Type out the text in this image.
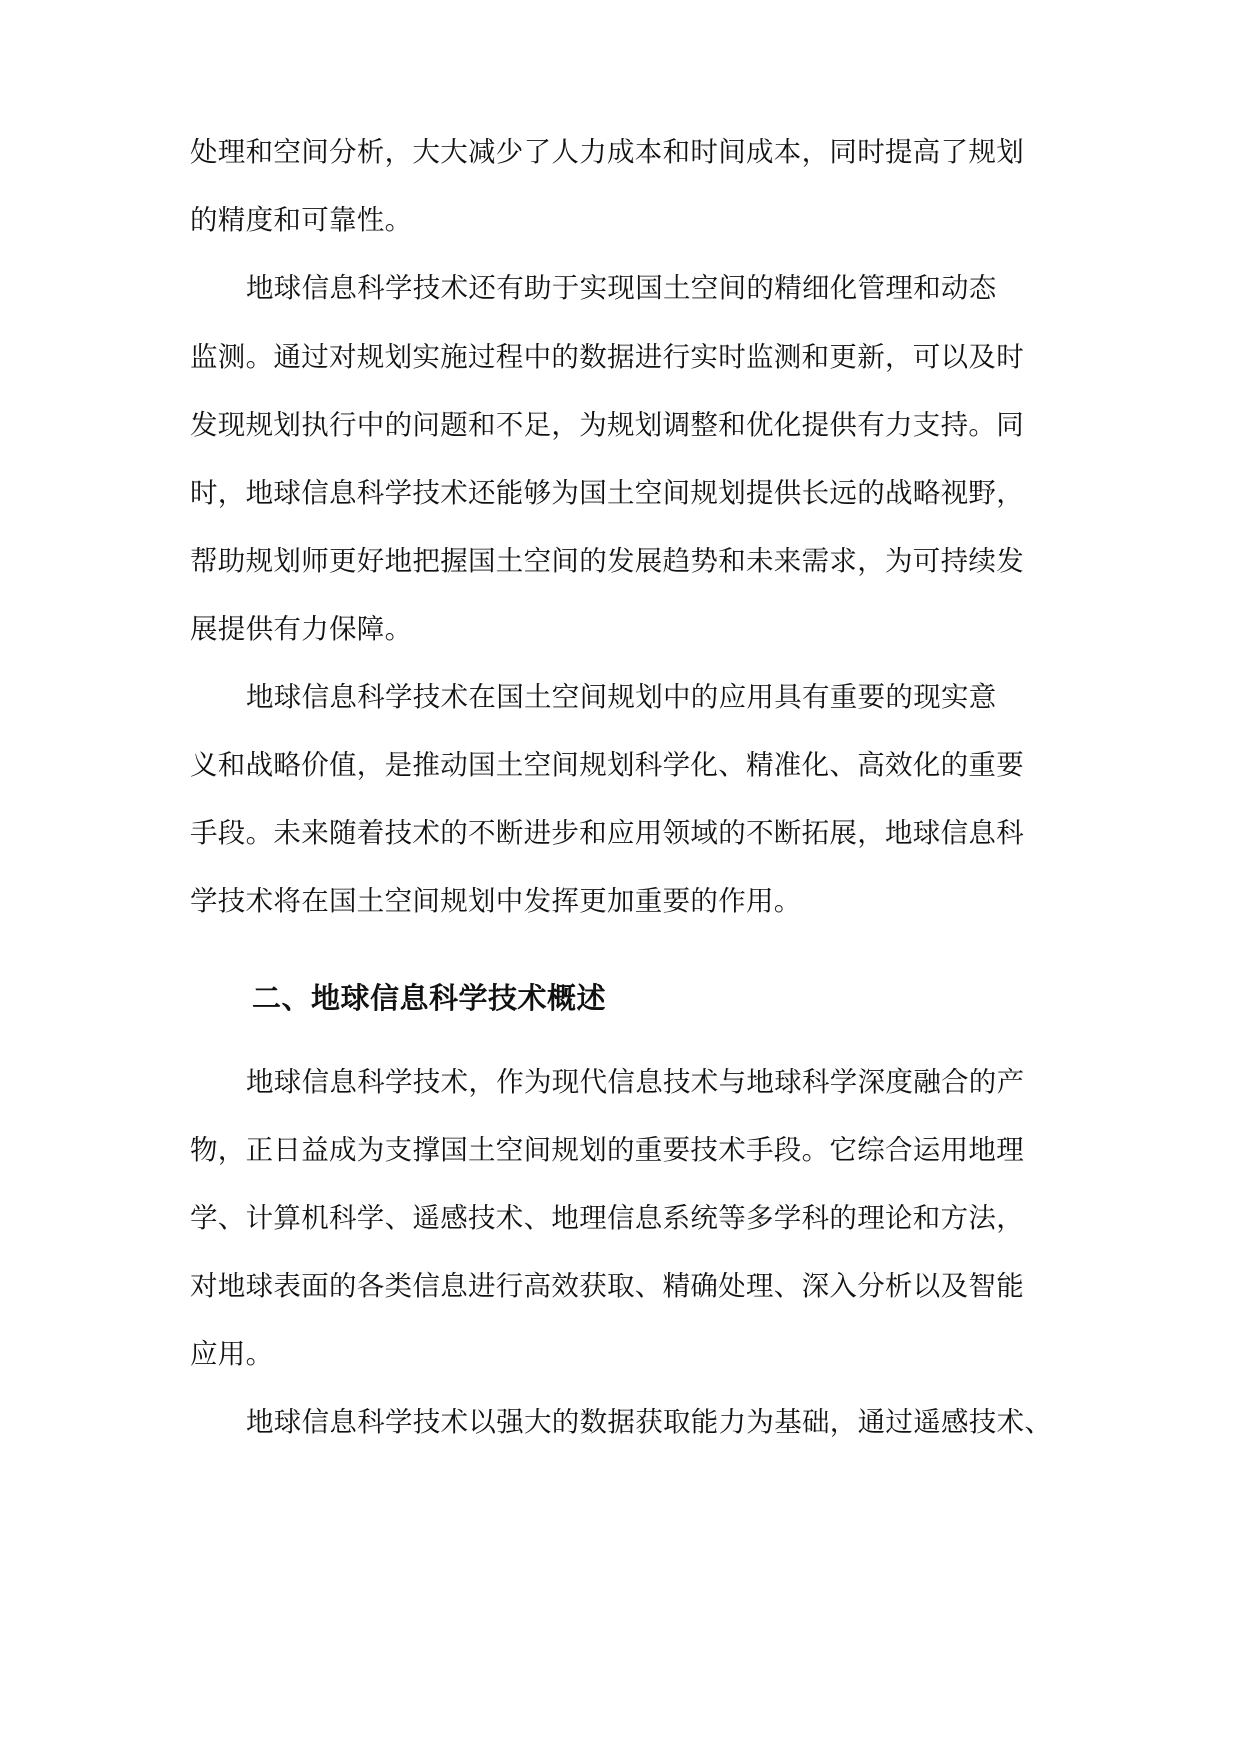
处理和空间分析，大大减少了人力成本和时间成本，同时提高了规划
的精度和可靠性。
地球信息科学技术还有助于实现国土空间的精细化管理和动态
监测。通过对规划实施过程中的数据进行实时监测和更新，可以及时
发现规划执行中的问题和不足，为规划调整和优化提供有力支持。同
时，地球信息科学技术还能够为国土空间规划提供长远的战略视野，
帮助规划师更好地把握国土空间的发展趋势和未来需求，为可持续发
展提供有力保障。
地球信息科学技术在国土空间规划中的应用具有重要的现实意
义和战略价值，是推动国土空间规划科学化、精准化、高效化的重要
手段。未来随着技术的不断进步和应用领域的不断拓展，地球信息科
学技术将在国土空间规划中发挥更加重要的作用。
二、地球信息科学技术概述
地球信息科学技术，作为现代信息技术与地球科学深度融合的产
物，正日益成为支撑国土空间规划的重要技术手段。它综合运用地理
学、计算机科学、遥感技术、地理信息系统等多学科的理论和方法，
对地球表面的各类信息进行高效获取、精确处理、深入分析以及智能
应用。
地球信息科学技术以强大的数据获取能力为基础，通过遥感技术、
